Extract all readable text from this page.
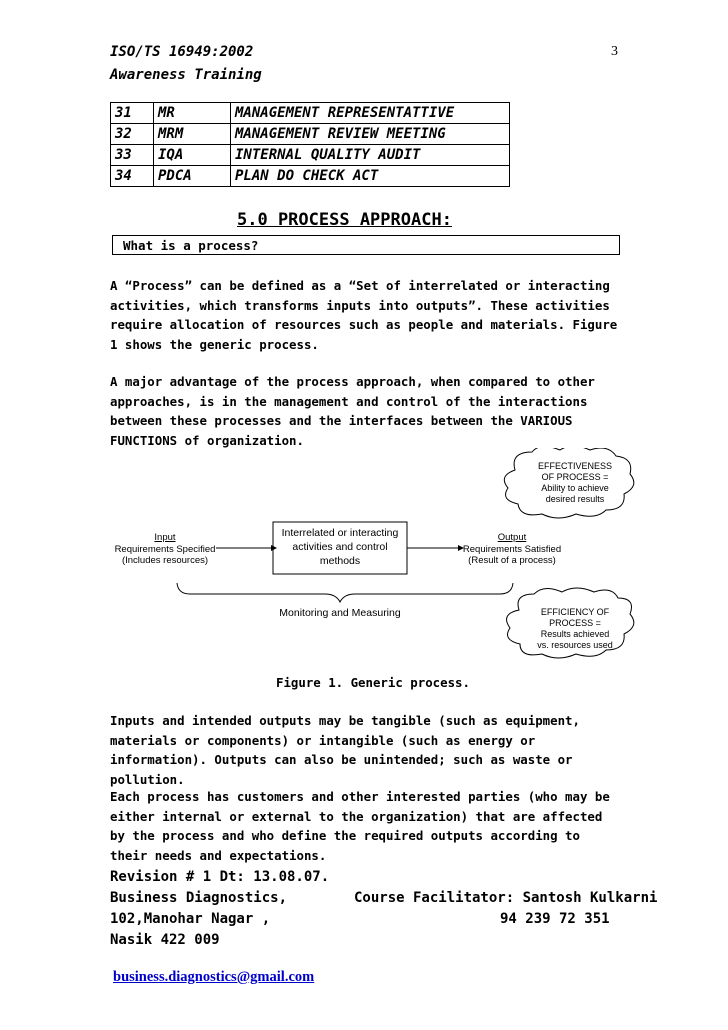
ISO/TS 16949:2002
Awareness Training
3
31	MR	MANAGEMENT REPRESENTATTIVE
32	MRM	MANAGEMENT REVIEW MEETING
33	IQA	INTERNAL QUALITY AUDIT
34	PDCA	PLAN DO CHECK ACT
5.0 PROCESS APPROACH:
What is a process?

A “Process” can be defined as a “Set of interrelated or interacting activities, which transforms inputs into outputs”. These activities require allocation of resources such as people and materials. Figure 1 shows the generic process.

A major advantage of the process approach, when compared to other approaches, is in the management and control of the interactions between these processes and the interfaces between the VARIOUS FUNCTIONS of organization.

EFFECTIVENESS
OF PROCESS =
Ability to achieve
desired results
Input
Requirements Specified
(Includes resources)
Interrelated or interacting
activities and control
methods
Output
Requirements Satisfied
(Result of a process)
Monitoring and Measuring	EFFICIENCY OF
PROCESS =
Results achieved
vs. resources used
Figure 1. Generic process.

Inputs and intended outputs may be tangible (such as equipment, materials or components) or intangible (such as energy or information). Outputs can also be unintended; such as waste or pollution.

Each process has customers and other interested parties (who may be either internal or external to the organization) that are affected by the process and who define the required outputs according to their needs and expectations.

Revision # 1 Dt: 13.08.07.
Business Diagnostics,
102,Manohar Nagar ,
Nasik 422 009
Course Facilitator: Santosh Kulkarni
94 239 72 351
business.diagnostics@gmail.com
